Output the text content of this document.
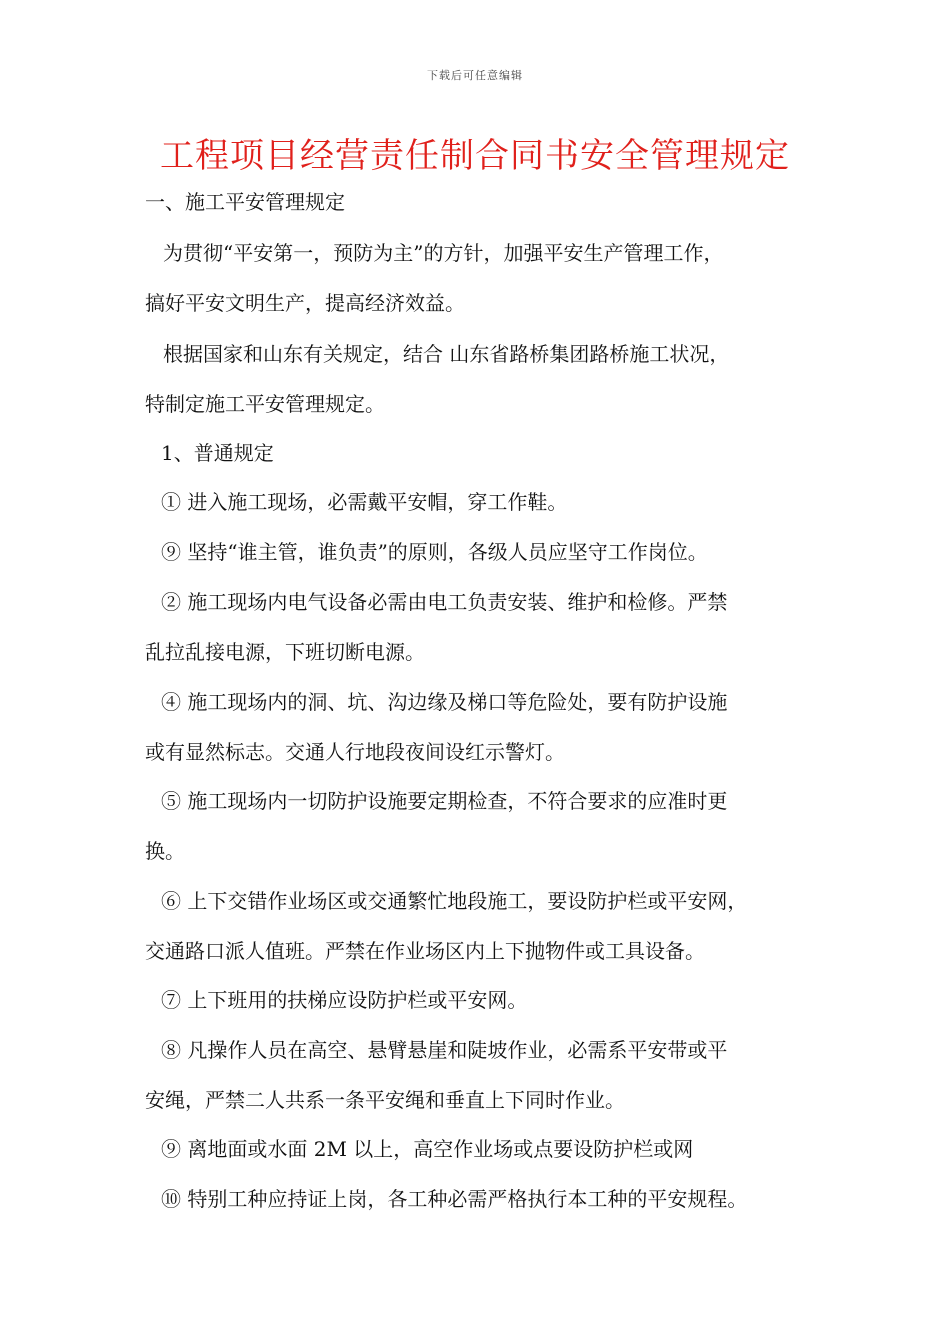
下载后可任意编辑
工程项目经营责任制合同书安全管理规定
一、施工平安管理规定
为贯彻“平安第一，预防为主”的方针，加强平安生产管理工作，
搞好平安文明生产，提高经济效益。
根据国家和山东有关规定，结合 山东省路桥集团路桥施工状况，
特制定施工平安管理规定。
1、普通规定
① 进入施工现场，必需戴平安帽，穿工作鞋。
⑨ 坚持“谁主管，谁负责”的原则，各级人员应坚守工作岗位。
② 施工现场内电气设备必需由电工负责安装、维护和检修。严禁
乱拉乱接电源，下班切断电源。
④ 施工现场内的洞、坑、沟边缘及梯口等危险处，要有防护设施
或有显然标志。交通人行地段夜间设红示警灯。
⑤ 施工现场内一切防护设施要定期检查，不符合要求的应准时更
换。
⑥ 上下交错作业场区或交通繁忙地段施工，要设防护栏或平安网，
交通路口派人值班。严禁在作业场区内上下抛物件或工具设备。
⑦ 上下班用的扶梯应设防护栏或平安网。
⑧ 凡操作人员在高空、悬臂悬崖和陡坡作业，必需系平安带或平
安绳，严禁二人共系一条平安绳和垂直上下同时作业。
⑨ 离地面或水面 2M 以上，高空作业场或点要设防护栏或网
⑩ 特别工种应持证上岗，各工种必需严格执行本工种的平安规程。
